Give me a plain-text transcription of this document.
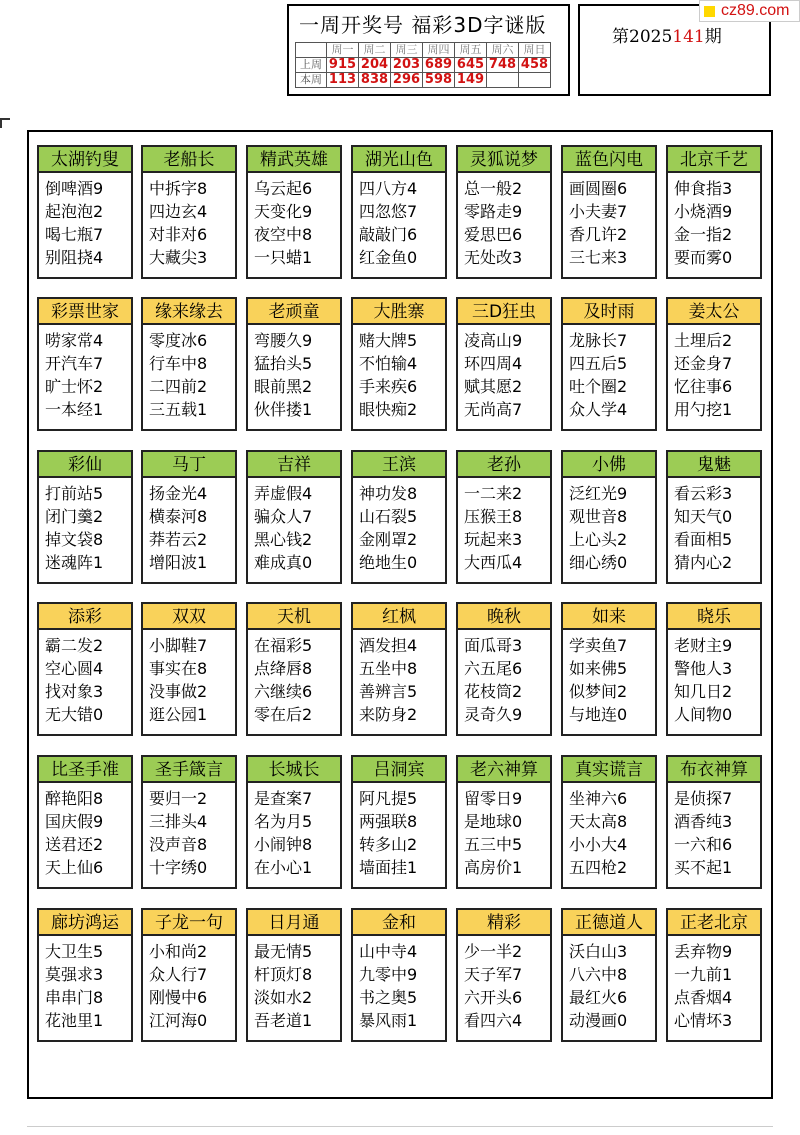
一周开奖号 福彩3D字谜版
	周一	周二	周三	周四	周五	周六	周日
上周	915	204	203	689	645	748	458
本周	113	838	296	598	149		
第2025141期
cz89.com
太湖钓叟
倒啤酒9
起泡泡2
喝七瓶7
别阻挠4
老船长
中拆字8
四边玄4
对非对6
大藏尖3
精武英雄
乌云起6
天变化9
夜空中8
一只蜡1
湖光山色
四八方4
四忽悠7
敲敲门6
红金鱼0
灵狐说梦
总一般2
零路走9
爱思巴6
无处改3
蓝色闪电
画圆圈6
小夫妻7
香几许2
三七来3
北京千艺
伸食指3
小烧酒9
金一指2
要而雾0
彩票世家
唠家常4
开汽车7
旷士怀2
一本经1
缘来缘去
零度冰6
行车中8
二四前2
三五载1
老顽童
弯腰久9
猛抬头5
眼前黑2
伙伴搂1
大胜寨
赌大牌5
不怕输4
手来疾6
眼快痴2
三D狂虫
凌高山9
环四周4
赋其愿2
无尚高7
及时雨
龙脉长7
四五后5
吐个圈2
众人学4
姜太公
土埋后2
还金身7
忆往事6
用勺挖1
彩仙
打前站5
闭门羹2
掉文袋8
迷魂阵1
马丁
扬金光4
横泰河8
莽若云2
增阳波1
吉祥
弄虚假4
骗众人7
黑心钱2
难成真0
王滨
神功发8
山石裂5
金刚罩2
绝地生0
老孙
一二来2
压猴王8
玩起来3
大西瓜4
小佛
泛红光9
观世音8
上心头2
细心绣0
鬼魅
看云彩3
知天气0
看面相5
猜内心2
添彩
霸二发2
空心圆4
找对象3
无大错0
双双
小脚鞋7
事实在8
没事做2
逛公园1
天机
在福彩5
点绛唇8
六继续6
零在后2
红枫
酒发担4
五坐中8
善辨言5
来防身2
晚秋
面瓜哥3
六五尾6
花枝筒2
灵奇久9
如来
学卖鱼7
如来佛5
似梦间2
与地连0
晓乐
老财主9
警他人3
知几日2
人间物0
比圣手准
醉艳阳8
国庆假9
送君还2
天上仙6
圣手箴言
要归一2
三排头4
没声音8
十字绣0
长城长
是查案7
名为月5
小闹钟8
在小心1
吕洞宾
阿凡提5
两强联8
转多山2
墙面挂1
老六神算
留零日9
是地球0
五三中5
高房价1
真实谎言
坐神六6
天太高8
小小大4
五四枪2
布衣神算
是侦探7
酒香纯3
一六和6
买不起1
廊坊鸿运
大卫生5
莫强求3
串串门8
花池里1
子龙一句
小和尚2
众人行7
刚慢中6
江河海0
日月通
最无情5
杆顶灯8
淡如水2
吾老道1
金和
山中寺4
九零中9
书之奥5
暴风雨1
精彩
少一半2
天子军7
六开头6
看四六4
正德道人
沃白山3
八六中8
最红火6
动漫画0
正老北京
丢弃物9
一九前1
点香烟4
心情坏3
